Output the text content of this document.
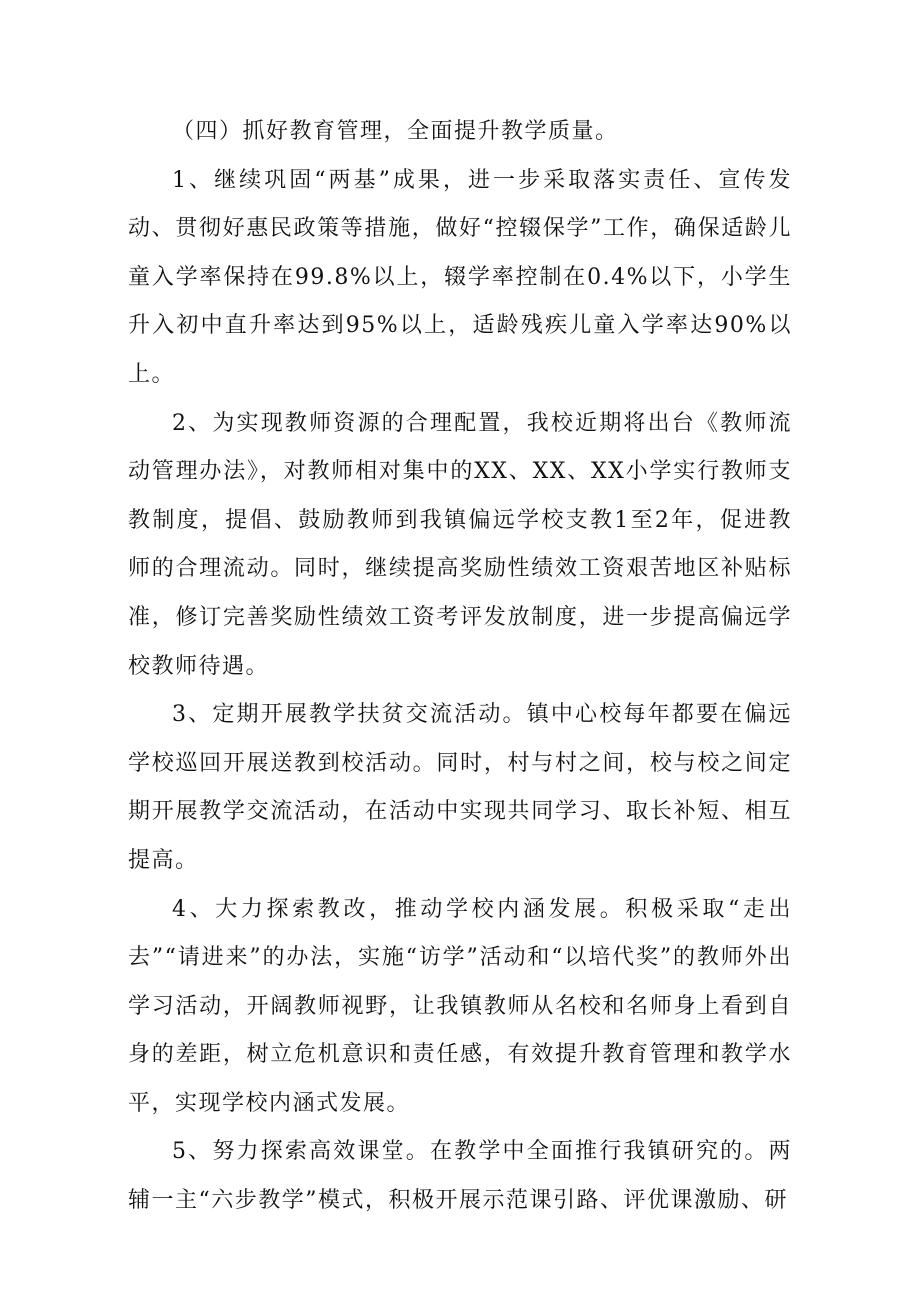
（四）抓好教育管理，全面提升教学质量。

1、继续巩固“两基”成果，进一步采取落实责任、宣传发动、贯彻好惠民政策等措施，做好“控辍保学”工作，确保适龄儿童入学率保持在99.8%以上，辍学率控制在0.4%以下，小学生升入初中直升率达到95%以上，适龄残疾儿童入学率达90%以上。

2、为实现教师资源的合理配置，我校近期将出台《教师流动管理办法》，对教师相对集中的XX、XX、XX小学实行教师支教制度，提倡、鼓励教师到我镇偏远学校支教1至2年，促进教师的合理流动。同时，继续提高奖励性绩效工资艰苦地区补贴标准，修订完善奖励性绩效工资考评发放制度，进一步提高偏远学校教师待遇。

3、定期开展教学扶贫交流活动。镇中心校每年都要在偏远学校巡回开展送教到校活动。同时，村与村之间，校与校之间定期开展教学交流活动，在活动中实现共同学习、取长补短、相互提高。

4、大力探索教改，推动学校内涵发展。积极采取“走出去”“请进来”的办法，实施“访学”活动和“以培代奖”的教师外出学习活动，开阔教师视野，让我镇教师从名校和名师身上看到自身的差距，树立危机意识和责任感，有效提升教育管理和教学水平，实现学校内涵式发展。

5、努力探索高效课堂。在教学中全面推行我镇研究的。两辅一主“六步教学”模式，积极开展示范课引路、评优课激励、研
